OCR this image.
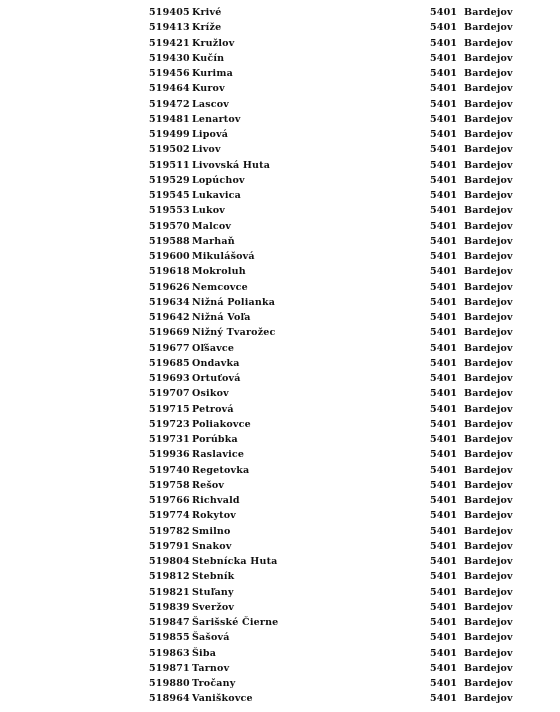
519405 Krivé	5401 Bardejov
519413 Kríže	5401 Bardejov
519421 Kružlov	5401 Bardejov
519430 Kučín	5401 Bardejov
519456 Kurima	5401 Bardejov
519464 Kurov	5401 Bardejov
519472 Lascov	5401 Bardejov
519481 Lenartov	5401 Bardejov
519499 Lipová	5401 Bardejov
519502 Livov	5401 Bardejov
519511 Livovská Huta	5401 Bardejov
519529 Lopúchov	5401 Bardejov
519545 Lukavica	5401 Bardejov
519553 Lukov	5401 Bardejov
519570 Malcov	5401 Bardejov
519588 Marhaň	5401 Bardejov
519600 Mikulášová	5401 Bardejov
519618 Mokroluh	5401 Bardejov
519626 Nemcovce	5401 Bardejov
519634 Nižná Polianka	5401 Bardejov
519642 Nižná Voľa	5401 Bardejov
519669 Nižný Tvarožec	5401 Bardejov
519677 Oľšavce	5401 Bardejov
519685 Ondavka	5401 Bardejov
519693 Ortuťová	5401 Bardejov
519707 Osikov	5401 Bardejov
519715 Petrová	5401 Bardejov
519723 Poliakovce	5401 Bardejov
519731 Porúbka	5401 Bardejov
519936 Raslavice	5401 Bardejov
519740 Regetovka	5401 Bardejov
519758 Rešov	5401 Bardejov
519766 Richvald	5401 Bardejov
519774 Rokytov	5401 Bardejov
519782 Smilno	5401 Bardejov
519791 Snakov	5401 Bardejov
519804 Stebnícka Huta	5401 Bardejov
519812 Stebník	5401 Bardejov
519821 Stuľany	5401 Bardejov
519839 Sveržov	5401 Bardejov
519847 Šarišské Čierne	5401 Bardejov
519855 Šašová	5401 Bardejov
519863 Šiba	5401 Bardejov
519871 Tarnov	5401 Bardejov
519880 Tročany	5401 Bardejov
518964 Vaniškovce	5401 Bardejov
